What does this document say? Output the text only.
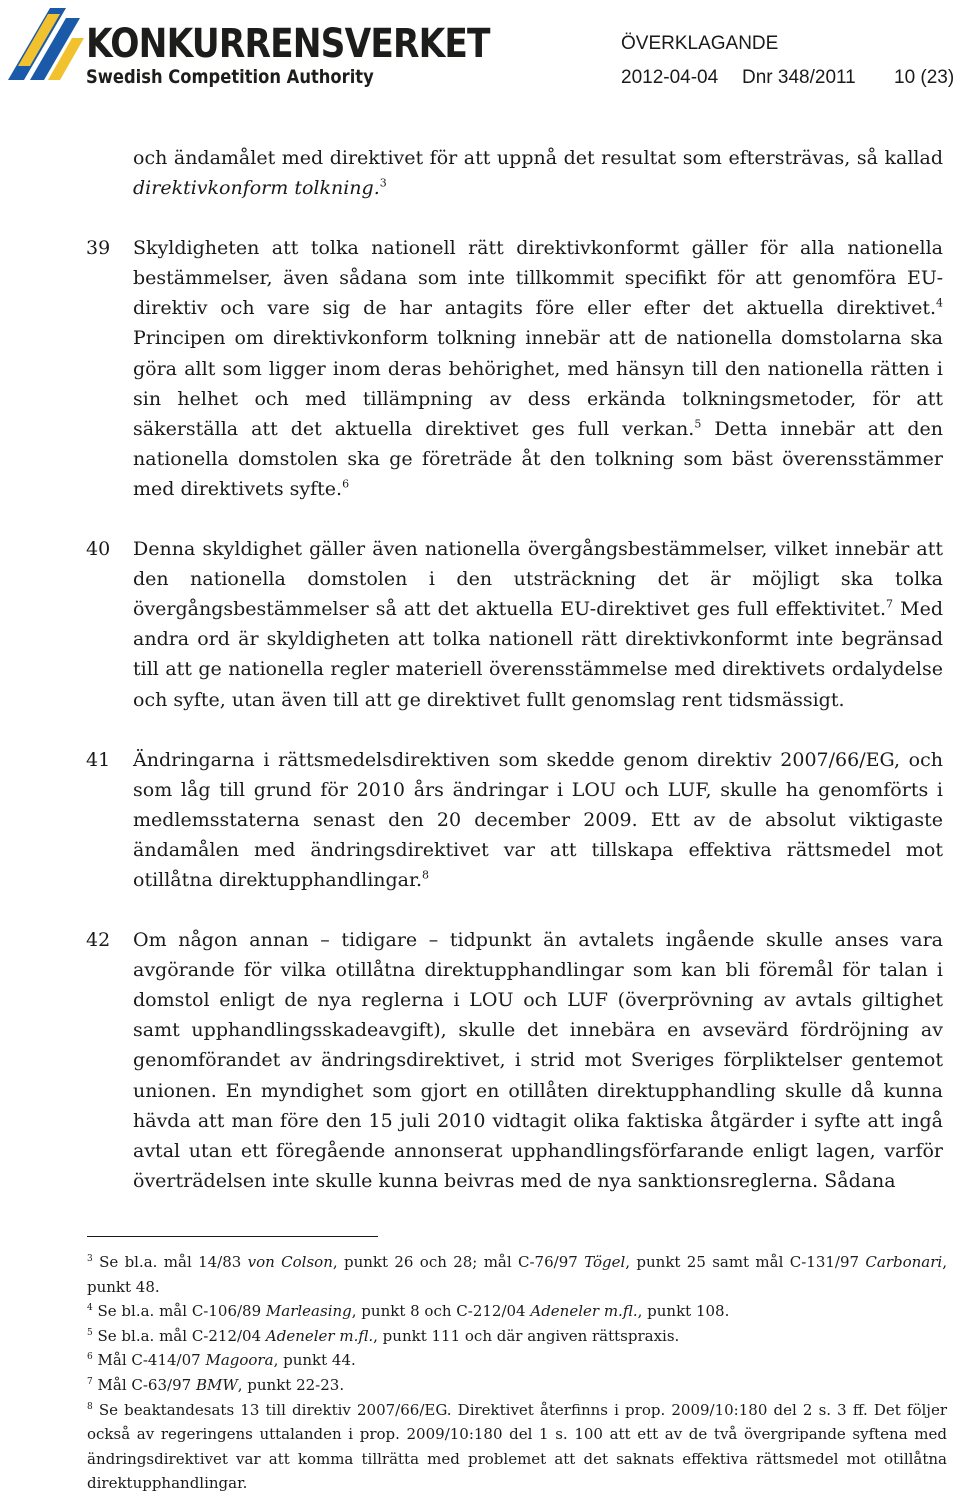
KONKURRENSVERKET
Swedish Competition Authority
ÖVERKLAGANDE
2012-04-04 Dnr 348/2011 10 (23)
och ändamålet med direktivet för att uppnå det resultat som eftersträvas, så kallad direktivkonform tolkning.$^3$
39 Skyldigheten att tolka nationell rätt direktivkonformt gäller för alla nationella bestämmelser, även sådana som inte tillkommit specifikt för att genomföra EU-direktiv och vare sig de har antagits före eller efter det aktuella direktivet.$^4$ Principen om direktivkonform tolkning innebär att de nationella domstolarna ska göra allt som ligger inom deras behörighet, med hänsyn till den nationella rätten i sin helhet och med tillämpning av dess erkända tolkningsmetoder, för att säkerställa att det aktuella direktivet ges full verkan.$^5$ Detta innebär att den nationella domstolen ska ge företräde åt den tolkning som bäst överensstämmer med direktivets syfte.$^6$
40 Denna skyldighet gäller även nationella övergångsbestämmelser, vilket innebär att den nationella domstolen i den utsträckning det är möjligt ska tolka övergångsbestämmelser så att det aktuella EU-direktivet ges full effektivitet.$^7$ Med andra ord är skyldigheten att tolka nationell rätt direktivkonformt inte begränsad till att ge nationella regler materiell överensstämmelse med direktivets ordalydelse och syfte, utan även till att ge direktivet fullt genomslag rent tidsmässigt.
41 Ändringarna i rättsmedelsdirektiven som skedde genom direktiv 2007/66/EG, och som låg till grund för 2010 års ändringar i LOU och LUF, skulle ha genomförts i medlemsstaterna senast den 20 december 2009. Ett av de absolut viktigaste ändamålen med ändringsdirektivet var att tillskapa effektiva rättsmedel mot otillåtna direktupphandlingar.$^8$
42 Om någon annan – tidigare – tidpunkt än avtalets ingående skulle anses vara avgörande för vilka otillåtna direktupphandlingar som kan bli föremål för talan i domstol enligt de nya reglerna i LOU och LUF (överprövning av avtals giltighet samt upphandlingsskadeavgift), skulle det innebära en avsevärd fördröjning av genomförandet av ändringsdirektivet, i strid mot Sveriges förpliktelser gentemot unionen. En myndighet som gjort en otillåten direktupphandling skulle då kunna hävda att man före den 15 juli 2010 vidtagit olika faktiska åtgärder i syfte att ingå avtal utan ett föregående annonserat upphandlingsförfarande enligt lagen, varför överträdelsen inte skulle kunna beivras med de nya sanktionsreglerna. Sådana
$^3$ Se bl.a. mål 14/83 von Colson, punkt 26 och 28; mål C-76/97 Tögel, punkt 25 samt mål C-131/97 Carbonari, punkt 48.
$^4$ Se bl.a. mål C-106/89 Marleasing, punkt 8 och C-212/04 Adeneler m.fl., punkt 108.
$^5$ Se bl.a. mål C-212/04 Adeneler m.fl., punkt 111 och där angiven rättspraxis.
$^6$ Mål C-414/07 Magoora, punkt 44.
$^7$ Mål C-63/97 BMW, punkt 22-23.
$^8$ Se beaktandesats 13 till direktiv 2007/66/EG. Direktivet återfinns i prop. 2009/10:180 del 2 s. 3 ff. Det följer också av regeringens uttalanden i prop. 2009/10:180 del 1 s. 100 att ett av de två övergripande syftena med ändringsdirektivet var att komma tillrätta med problemet att det saknats effektiva rättsmedel mot otillåtna direktupphandlingar.
